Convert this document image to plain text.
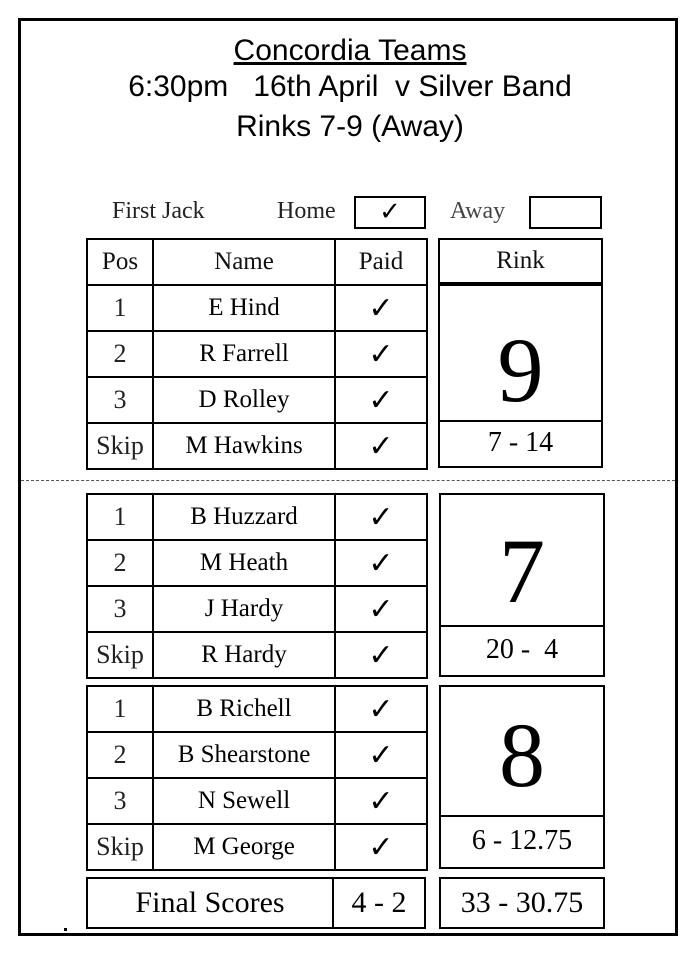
Concordia Teams
6:30pm   16th April  v Silver Band
Rinks 7-9 (Away)
First Jack	Home	✓	Away
Pos	Name	Paid
1	E Hind	✓
2	R Farrell	✓
3	D Rolley	✓
Skip	M Hawkins	✓
Rink
9
7 - 14
1	B Huzzard	✓
2	M Heath	✓
3	J Hardy	✓
Skip	R Hardy	✓
7
20 -  4
1	B Richell	✓
2	B Shearstone	✓
3	N Sewell	✓
Skip	M George	✓
8
6 - 12.75
Final Scores	4 - 2	33 - 30.75
